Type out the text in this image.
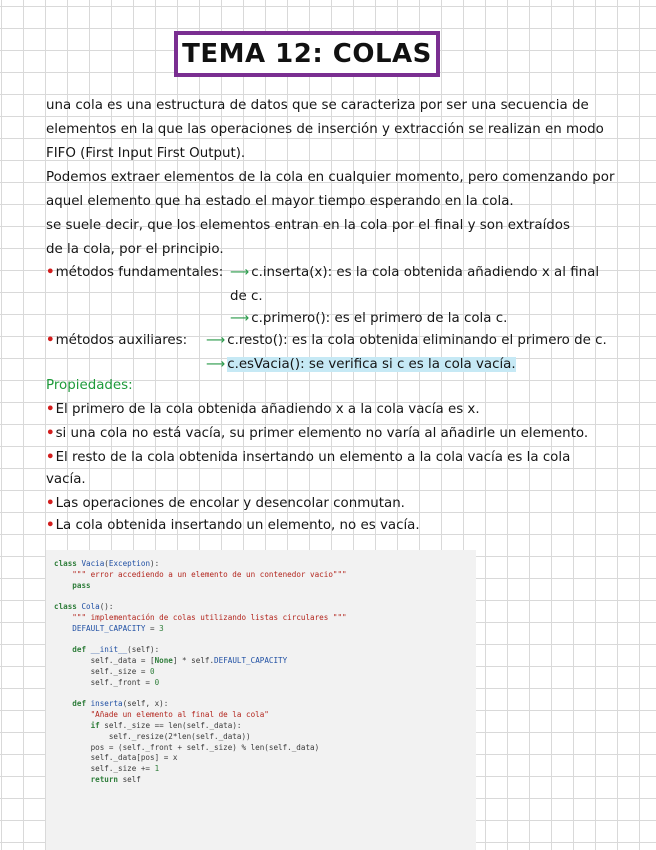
TEMA 12: COLAS
una cola es una estructura de datos que se caracteriza por ser una secuencia de
elementos en la que las operaciones de inserción y extracción se realizan en modo
FIFO (First Input First Output).
Podemos extraer elementos de la cola en cualquier momento, pero comenzando por
aquel elemento que ha estado el mayor tiempo esperando en la cola.
se suele decir, que los elementos entran en la cola por el final y son extraídos
de la cola, por el principio.
•métodos fundamentales: ⟶ c.inserta(x): es la cola obtenida añadiendo x al final
de c.
⟶ c.primero(): es el primero de la cola c.
•métodos auxiliares: ⟶ c.resto(): es la cola obtenida eliminando el primero de c.
⟶ c.esVacia(): se verifica si c es la cola vacía.
Propiedades:
•El primero de la cola obtenida añadiendo x a la cola vacía es x.
•si una cola no está vacía, su primer elemento no varía al añadirle un elemento.
•El resto de la cola obtenida insertando un elemento a la cola vacía es la cola
vacía.
•Las operaciones de encolar y desencolar conmutan.
•La cola obtenida insertando un elemento, no es vacía.
class Vacia(Exception):
""" error accediendo a un elemento de un contenedor vacio"""
pass

class Cola():
""" implementación de colas utilizando listas circulares """
DEFAULT_CAPACITY = 3

def __init__(self):
self._data = [None] * self.DEFAULT_CAPACITY
self._size = 0
self._front = 0

def inserta(self, x):
"Añade un elemento al final de la cola"
if self._size == len(self._data):
self._resize(2*len(self._data))
pos = (self._front + self._size) % len(self._data)
self._data[pos] = x
self._size += 1
return self
